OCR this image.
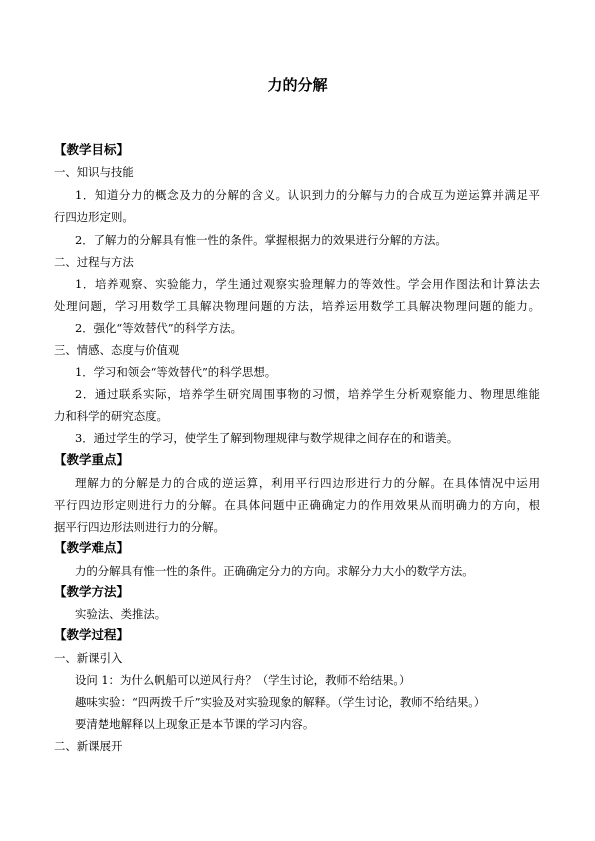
力的分解
【教学目标】
一、知识与技能
1．知道分力的概念及力的分解的含义。认识到力的分解与力的合成互为逆运算并满足平
行四边形定则。
2．了解力的分解具有惟一性的条件。掌握根据力的效果进行分解的方法。
二、过程与方法
1．培养观察、实验能力，学生通过观察实验理解力的等效性。学会用作图法和计算法去
处理问题，学习用数学工具解决物理问题的方法，培养运用数学工具解决物理问题的能力。
2．强化“等效替代”的科学方法。
三、情感、态度与价值观
1．学习和领会“等效替代”的科学思想。
2．通过联系实际，培养学生研究周围事物的习惯，培养学生分析观察能力、物理思维能
力和科学的研究态度。
3．通过学生的学习，使学生了解到物理规律与数学规律之间存在的和谐美。
【教学重点】
理解力的分解是力的合成的逆运算，利用平行四边形进行力的分解。在具体情况中运用
平行四边形定则进行力的分解。在具体问题中正确确定力的作用效果从而明确力的方向，根
据平行四边形法则进行力的分解。
【教学难点】
力的分解具有惟一性的条件。正确确定分力的方向。求解分力大小的数学方法。
【教学方法】
实验法、类推法。
【教学过程】
一、新课引入
设问 1：为什么帆船可以逆风行舟？（学生讨论，教师不给结果。）
趣味实验：“四两拨千斤”实验及对实验现象的解释。（学生讨论，教师不给结果。）
要清楚地解释以上现象正是本节课的学习内容。
二、新课展开
